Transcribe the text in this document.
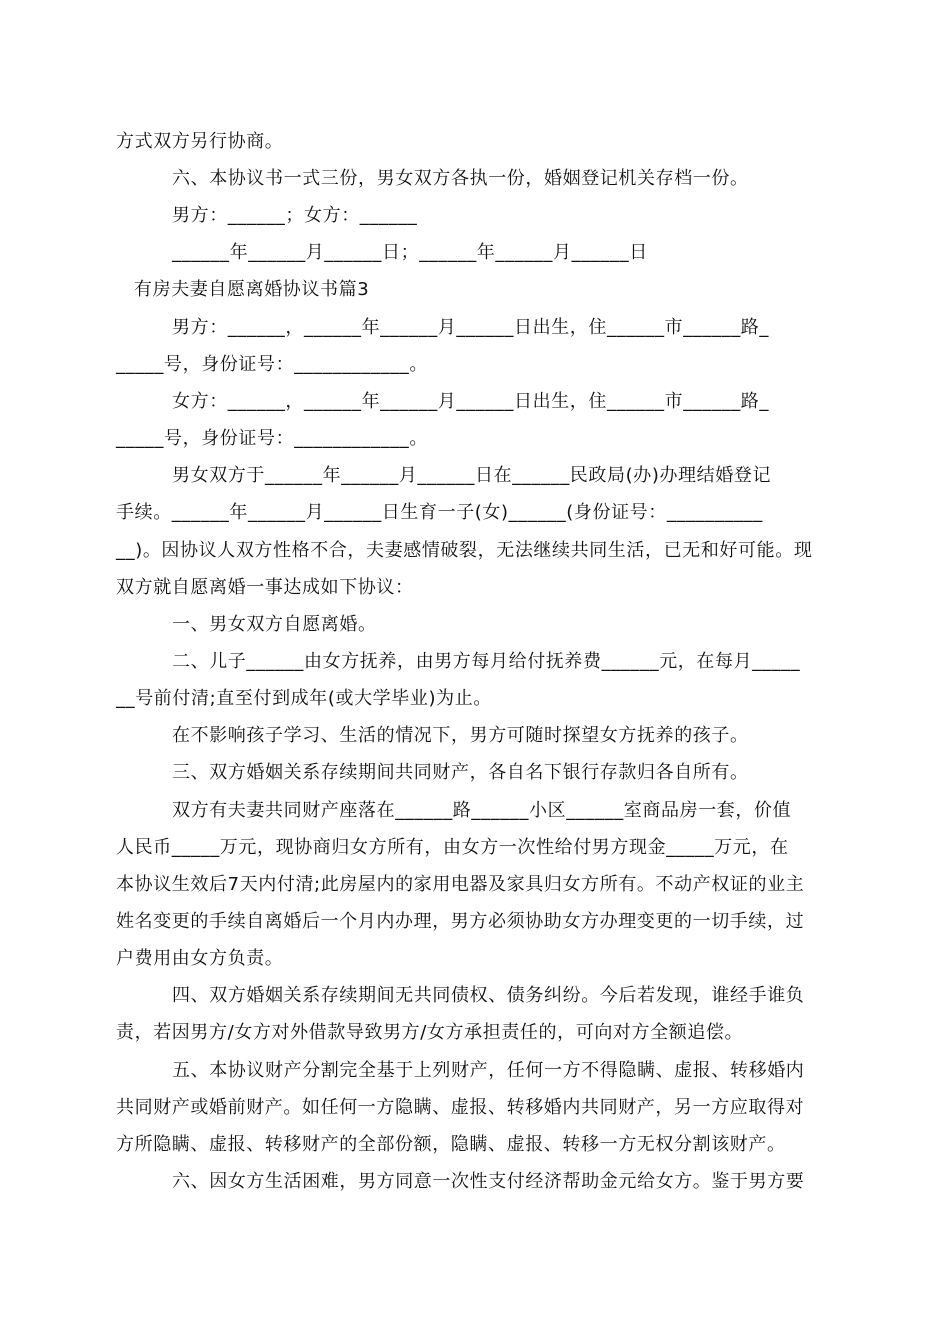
方式双方另行协商。
六、本协议书一式三份，男女双方各执一份，婚姻登记机关存档一份。
男方：______；女方：______
______年______月______日；______年______月______日
有房夫妻自愿离婚协议书篇3
男方：______，______年______月______日出生，住______市______路_
_____号，身份证号：____________。
女方：______，______年______月______日出生，住______市______路_
_____号，身份证号：____________。
男女双方于______年______月______日在______民政局(办)办理结婚登记
手续。______年______月______日生育一子(女)______(身份证号：__________
__)。因协议人双方性格不合，夫妻感情破裂，无法继续共同生活，已无和好可能。现
双方就自愿离婚一事达成如下协议：
一、男女双方自愿离婚。
二、儿子______由女方抚养，由男方每月给付抚养费______元，在每月_____
__号前付清;直至付到成年(或大学毕业)为止。
在不影响孩子学习、生活的情况下，男方可随时探望女方抚养的孩子。
三、双方婚姻关系存续期间共同财产，各自名下银行存款归各自所有。
双方有夫妻共同财产座落在______路______小区______室商品房一套，价值
人民币_____万元，现协商归女方所有，由女方一次性给付男方现金_____万元，在
本协议生效后7天内付清;此房屋内的家用电器及家具归女方所有。不动产权证的业主
姓名变更的手续自离婚后一个月内办理，男方必须协助女方办理变更的一切手续，过
户费用由女方负责。
四、双方婚姻关系存续期间无共同债权、债务纠纷。今后若发现，谁经手谁负
责，若因男方/女方对外借款导致男方/女方承担责任的，可向对方全额追偿。
五、本协议财产分割完全基于上列财产，任何一方不得隐瞒、虚报、转移婚内
共同财产或婚前财产。如任何一方隐瞒、虚报、转移婚内共同财产，另一方应取得对
方所隐瞒、虚报、转移财产的全部份额，隐瞒、虚报、转移一方无权分割该财产。
六、因女方生活困难，男方同意一次性支付经济帮助金元给女方。鉴于男方要
